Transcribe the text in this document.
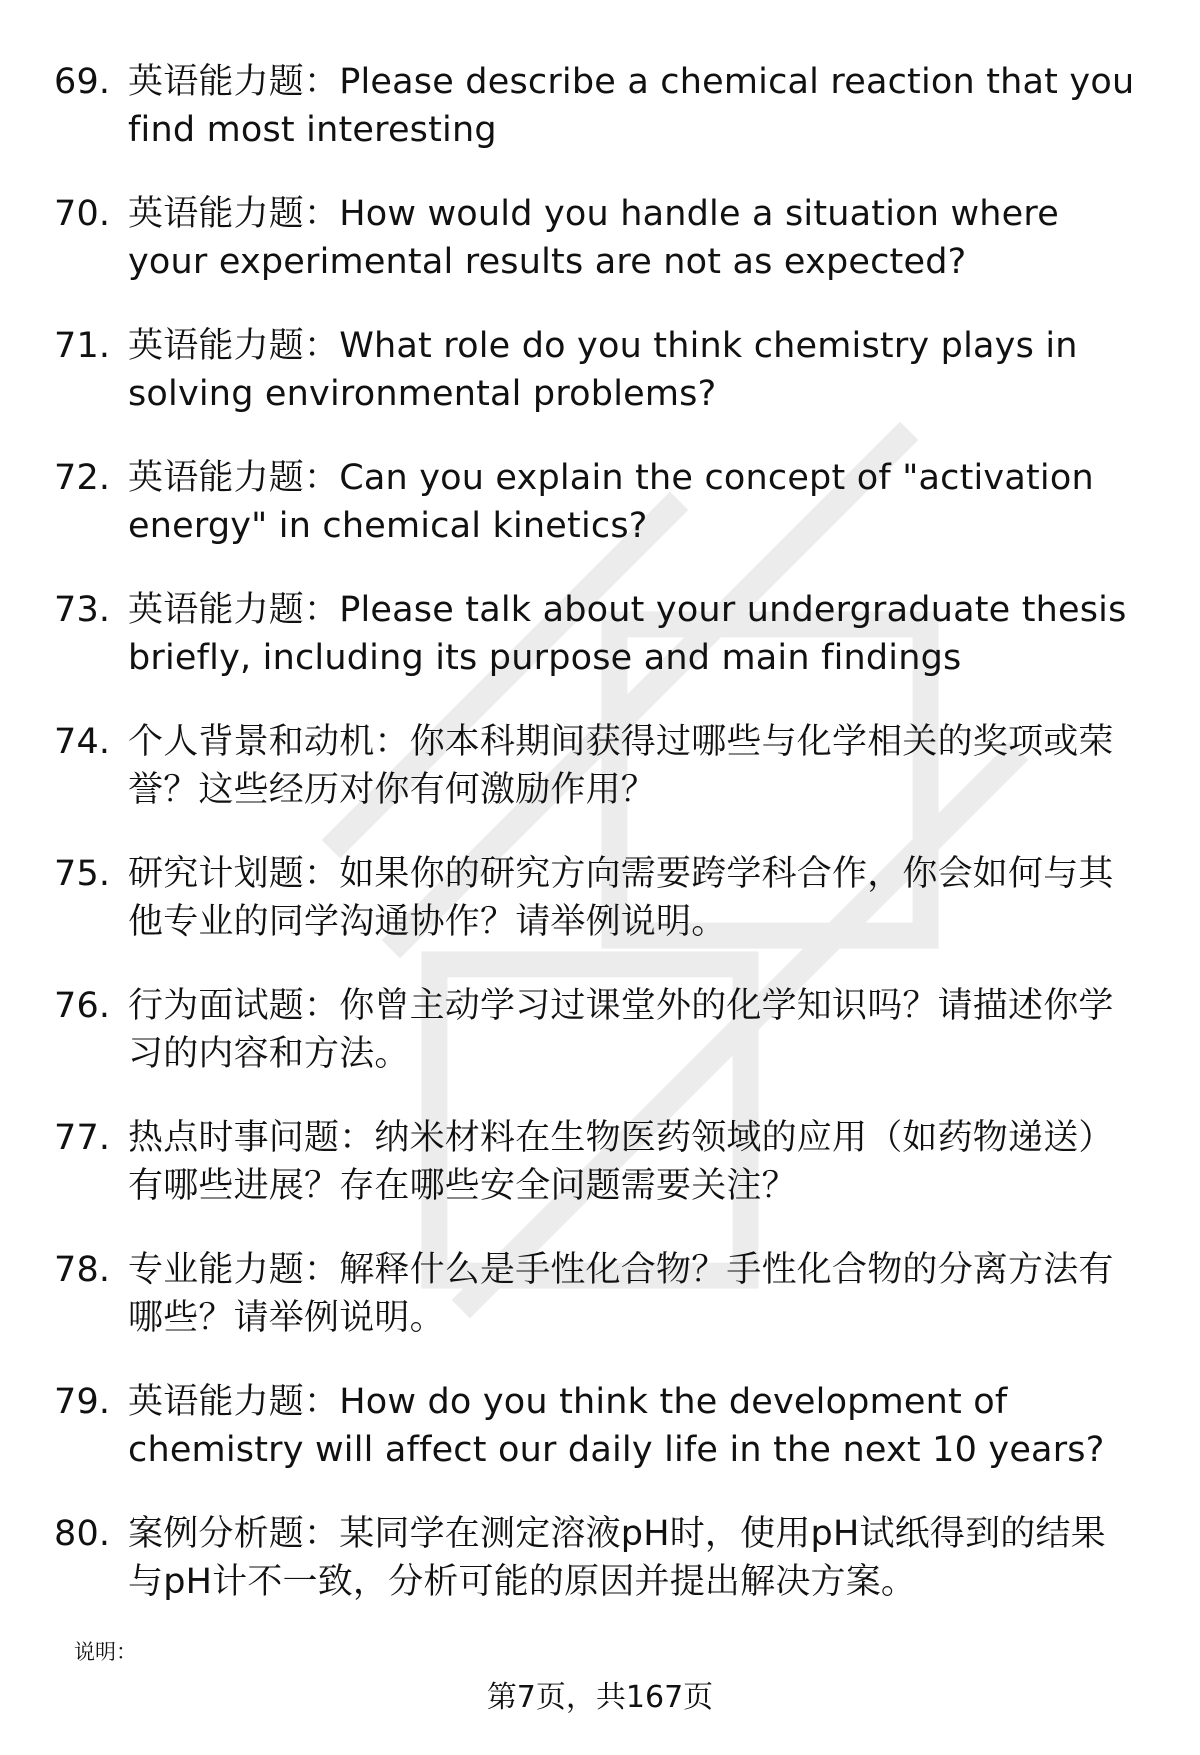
69. 英语能力题：Please describe a chemical reaction that you find most interesting
70. 英语能力题：How would you handle a situation where your experimental results are not as expected?
71. 英语能力题：What role do you think chemistry plays in solving environmental problems?
72. 英语能力题：Can you explain the concept of "activation energy" in chemical kinetics?
73. 英语能力题：Please talk about your undergraduate thesis briefly, including its purpose and main findings
74. 个人背景和动机：你本科期间获得过哪些与化学相关的奖项或荣誉？这些经历对你有何激励作用？
75. 研究计划题：如果你的研究方向需要跨学科合作，你会如何与其他专业的同学沟通协作？请举例说明。
76. 行为面试题：你曾主动学习过课堂外的化学知识吗？请描述你学习的内容和方法。
77. 热点时事问题：纳米材料在生物医药领域的应用（如药物递送）有哪些进展？存在哪些安全问题需要关注？
78. 专业能力题：解释什么是手性化合物？手性化合物的分离方法有哪些？请举例说明。
79. 英语能力题：How do you think the development of chemistry will affect our daily life in the next 10 years?
80. 案例分析题：某同学在测定溶液pH时，使用pH试纸得到的结果与pH计不一致，分析可能的原因并提出解决方案。
说明：
第7页，共167页
